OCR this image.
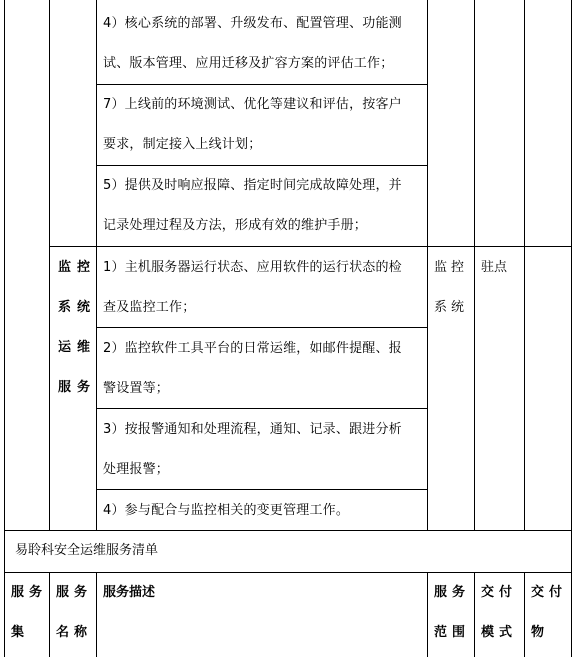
4）核心系统的部署、升级发布、配置管理、功能测
试、版本管理、应用迁移及扩容方案的评估工作；
7）上线前的环境测试、优化等建议和评估，按客户
要求，制定接入上线计划；
5）提供及时响应报障、指定时间完成故障处理，并
记录处理过程及方法，形成有效的维护手册；
监控
系统
运维
服务
1）主机服务器运行状态、应用软件的运行状态的检
查及监控工作；
2）监控软件工具平台的日常运维，如邮件提醒、报
警设置等；
3）按报警通知和处理流程，通知、记录、跟进分析
处理报警；
4）参与配合与监控相关的变更管理工作。
监控
系统
驻点
易聆科安全运维服务清单
服务
集
服务
名称
服务描述	服务
范围
交付
模式
交付
物
